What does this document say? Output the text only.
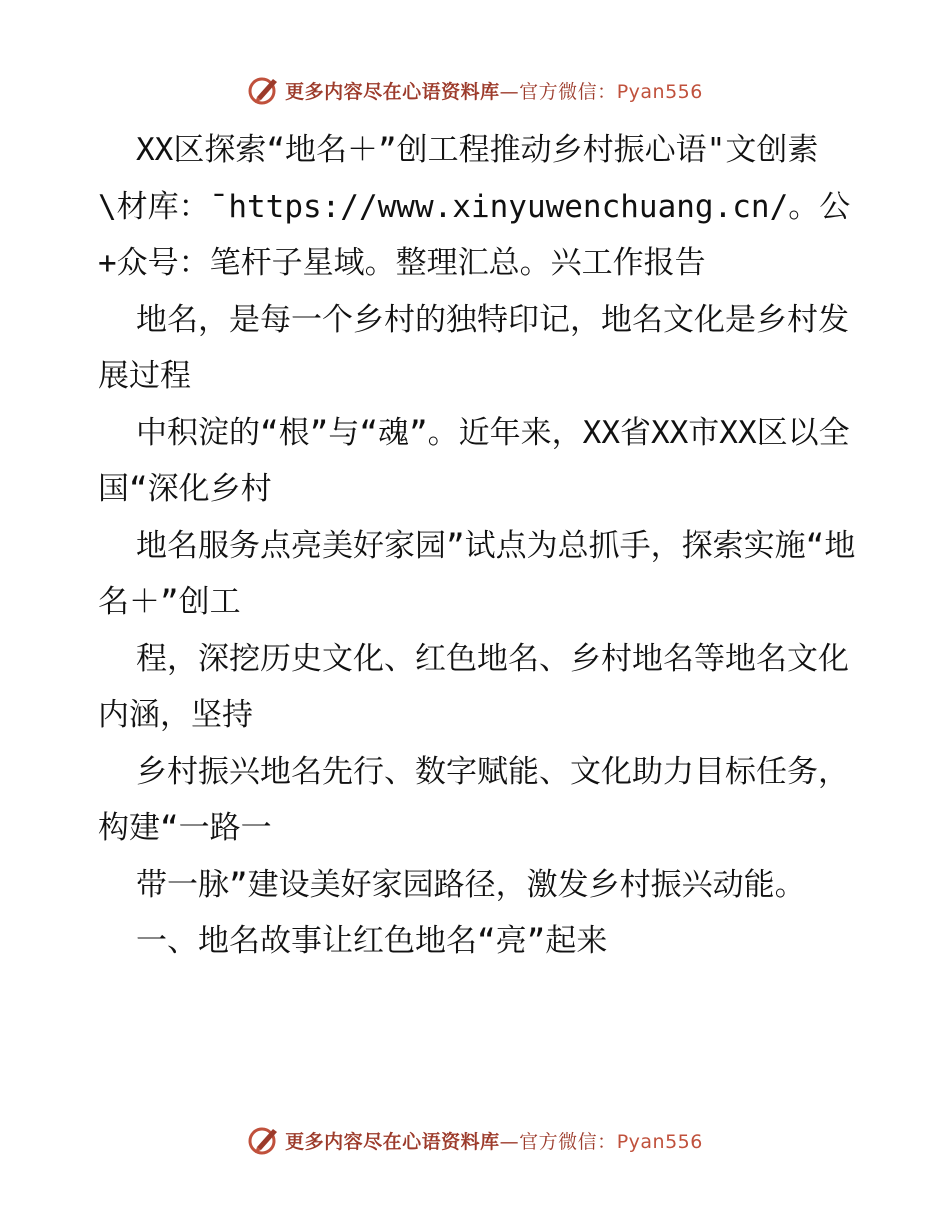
更多内容尽在心语资料库—官方微信：Pyan556

XX区探索“地名＋”创工程推动乡村振心语"文创素\材库：¯https://www.xinyuwenchuang.cn/。公+众号：笔杆子星域。整理汇总。兴工作报告

地名，是每一个乡村的独特印记，地名文化是乡村发展过程

中积淀的“根”与“魂”。近年来，XX省XX市XX区以全国“深化乡村

地名服务点亮美好家园”试点为总抓手，探索实施“地名＋”创工

程，深挖历史文化、红色地名、乡村地名等地名文化内涵，坚持

乡村振兴地名先行、数字赋能、文化助力目标任务，构建“一路一

带一脉”建设美好家园路径，激发乡村振兴动能。

一、地名故事让红色地名“亮”起来

更多内容尽在心语资料库—官方微信：Pyan556
